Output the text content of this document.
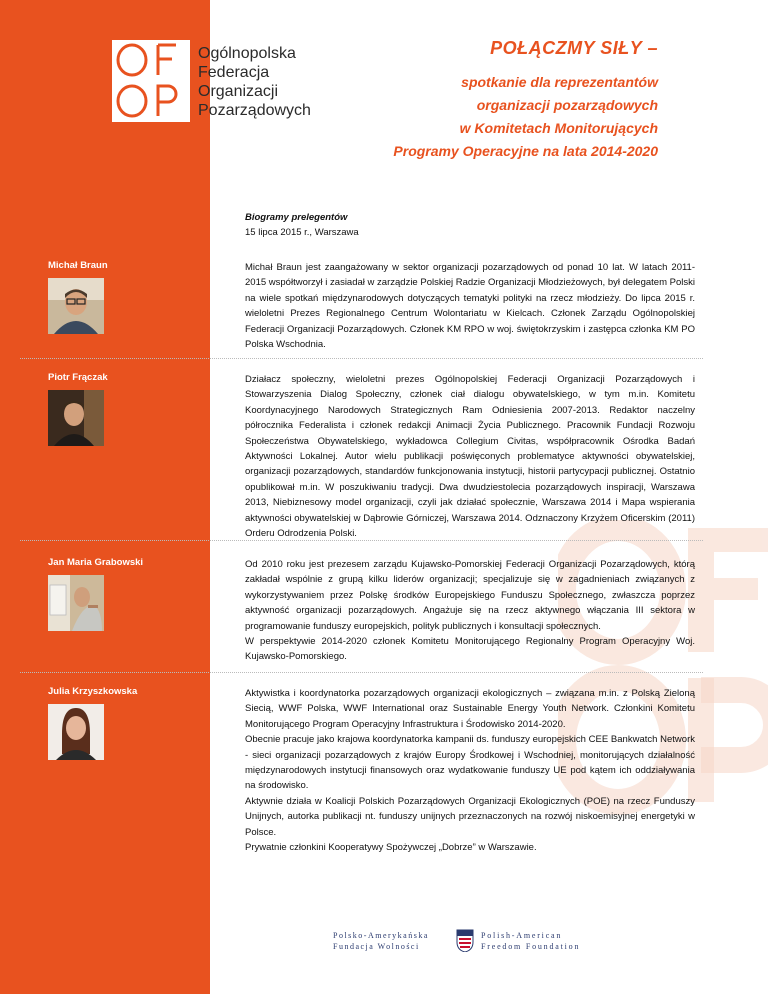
Ogólnopolska
Federacja
Organizacji
Pozarządowych
POŁĄCZMY SIŁY –
spotkanie dla reprezentantów
organizacji pozarządowych
w Komitetach Monitorujących
Programy Operacyjne na lata 2014-2020
Biogramy prelegentów
15 lipca 2015 r., Warszawa
Michał Braun	Michał Braun jest zaangażowany w sektor organizacji pozarządowych od ponad 10 lat. W latach 2011-2015 współtworzył i zasiadał w zarządzie Polskiej Radzie Organizacji Młodzieżowych, był delegatem Polski na wiele spotkań międzynarodowych dotyczących tematyki polityki na rzecz młodzieży. Do lipca 2015 r. wieloletni Prezes Regionalnego Centrum Wolontariatu w Kielcach. Członek Zarządu Ogólnopolskiej Federacji Organizacji Pozarządowych. Członek KM RPO w woj. świętokrzyskim i zastępca członka KM PO Polska Wschodnia.

Piotr Frączak	Działacz społeczny, wieloletni prezes Ogólnopolskiej Federacji Organizacji Pozarządowych i Stowarzyszenia Dialog Społeczny, członek ciał dialogu obywatelskiego, w tym m.in. Komitetu Koordynacyjnego Narodowych Strategicznych Ram Odniesienia 2007-2013. Redaktor naczelny półrocznika Federalista i członek redakcji Animacji Życia Publicznego. Pracownik Fundacji Rozwoju Społeczeństwa Obywatelskiego, wykładowca Collegium Civitas, współpracownik Ośrodka Badań Aktywności Lokalnej. Autor wielu publikacji poświęconych problematyce aktywności obywatelskiej, organizacji pozarządowych, standardów funkcjonowania instytucji, historii partycypacji publicznej. Ostatnio opublikował m.in. W poszukiwaniu tradycji. Dwa dwudziestolecia pozarządowych inspiracji, Warszawa 2013, Niebiznesowy model organizacji, czyli jak działać społecznie, Warszawa 2014 i Mapa wspierania aktywności obywatelskiej w Dąbrowie Górniczej, Warszawa 2014. Odznaczony Krzyżem Oficerskim (2011) Orderu Odrodzenia Polski.

Jan Maria Grabowski	Od 2010 roku jest prezesem zarządu Kujawsko-Pomorskiej Federacji Organizacji Pozarządowych, którą zakładał wspólnie z grupą kilku liderów organizacji; specjalizuje się w zagadnieniach związanych z wykorzystywaniem przez Polskę środków Europejskiego Funduszu Społecznego, zwłaszcza poprzez aktywność organizacji pozarządowych. Angażuje się na rzecz aktywnego włączania III sektora w programowanie funduszy europejskich, polityk publicznych i konsultacji społecznych.

W perspektywie 2014-2020 członek Komitetu Monitorującego Regionalny Program Operacyjny Woj. Kujawsko-Pomorskiego.

Julia Krzyszkowska	Aktywistka i koordynatorka pozarządowych organizacji ekologicznych – związana m.in. z Polską Zieloną Siecią, WWF Polska, WWF International oraz Sustainable Energy Youth Network. Członkini Komitetu Monitorującego Program Operacyjny Infrastruktura i Środowisko 2014-2020.

Obecnie pracuje jako krajowa koordynatorka kampanii ds. funduszy europejskich CEE Bankwatch Network - sieci organizacji pozarządowych z krajów Europy Środkowej i Wschodniej, monitorujących działalność międzynarodowych instytucji finansowych oraz wydatkowanie funduszy UE pod kątem ich oddziaływania na środowisko.

Aktywnie działa w Koalicji Polskich Pozarządowych Organizacji Ekologicznych (POE) na rzecz Funduszy Unijnych, autorka publikacji nt. funduszy unijnych przeznaczonych na rozwój niskoemisyjnej energetyki w Polsce.

Prywatnie członkini Kooperatywy Spożywczej „Dobrze” w Warszawie.

Polsko-Amerykańska
Fundacja Wolności
Polish-American
Freedom Foundation
